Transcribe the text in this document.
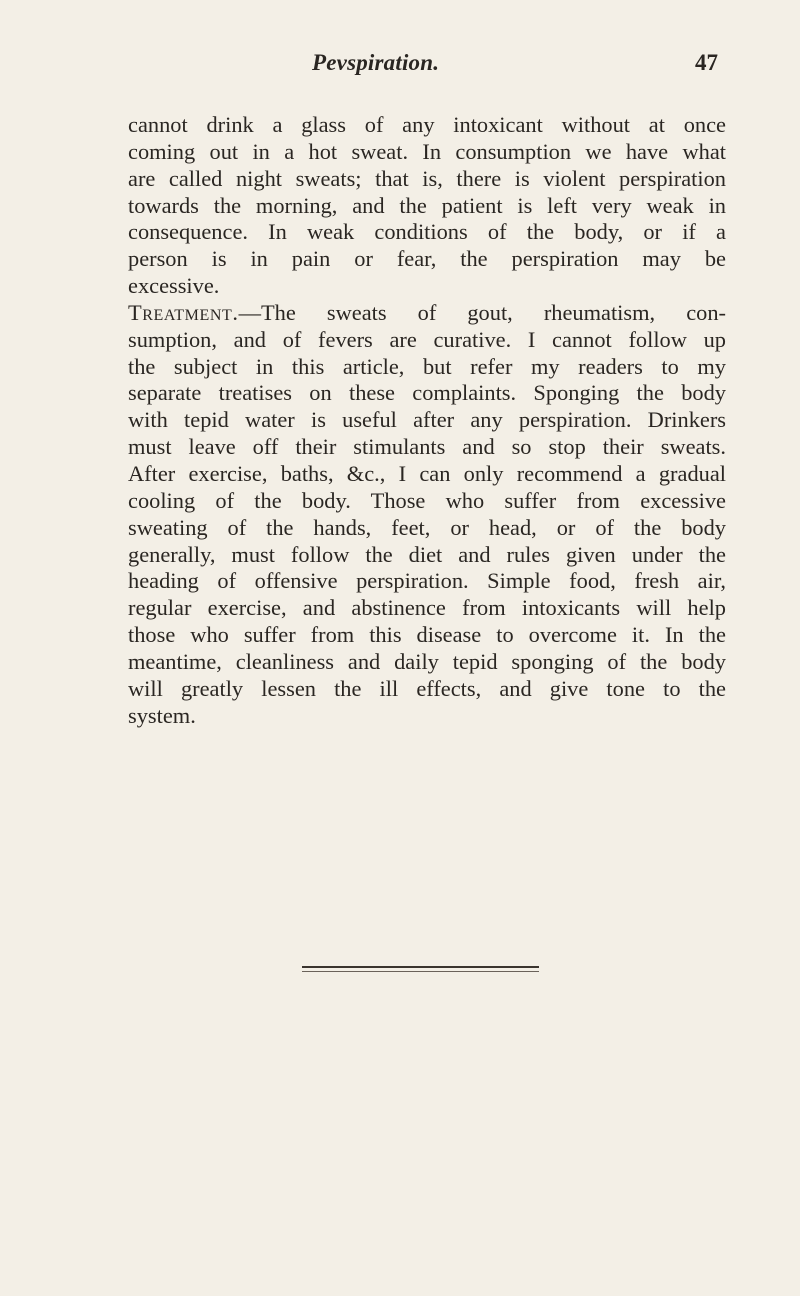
Pevspiration.	47
cannot drink a glass of any intoxicant without at once
coming out in a hot sweat. In consumption we have what
are called night sweats; that is, there is violent perspiration
towards the morning, and the patient is left very weak in
consequence. In weak conditions of the body, or if a
person is in pain or fear, the perspiration may be
excessive.
Treatment.—The sweats of gout, rheumatism, con-
sumption, and of fevers are curative. I cannot follow up
the subject in this article, but refer my readers to my
separate treatises on these complaints. Sponging the body
with tepid water is useful after any perspiration. Drinkers
must leave off their stimulants and so stop their sweats.
After exercise, baths, &c., I can only recommend a gradual
cooling of the body. Those who suffer from excessive
sweating of the hands, feet, or head, or of the body
generally, must follow the diet and rules given under the
heading of offensive perspiration. Simple food, fresh air,
regular exercise, and abstinence from intoxicants will help
those who suffer from this disease to overcome it. In the
meantime, cleanliness and daily tepid sponging of the body
will greatly lessen the ill effects, and give tone to the
system.
